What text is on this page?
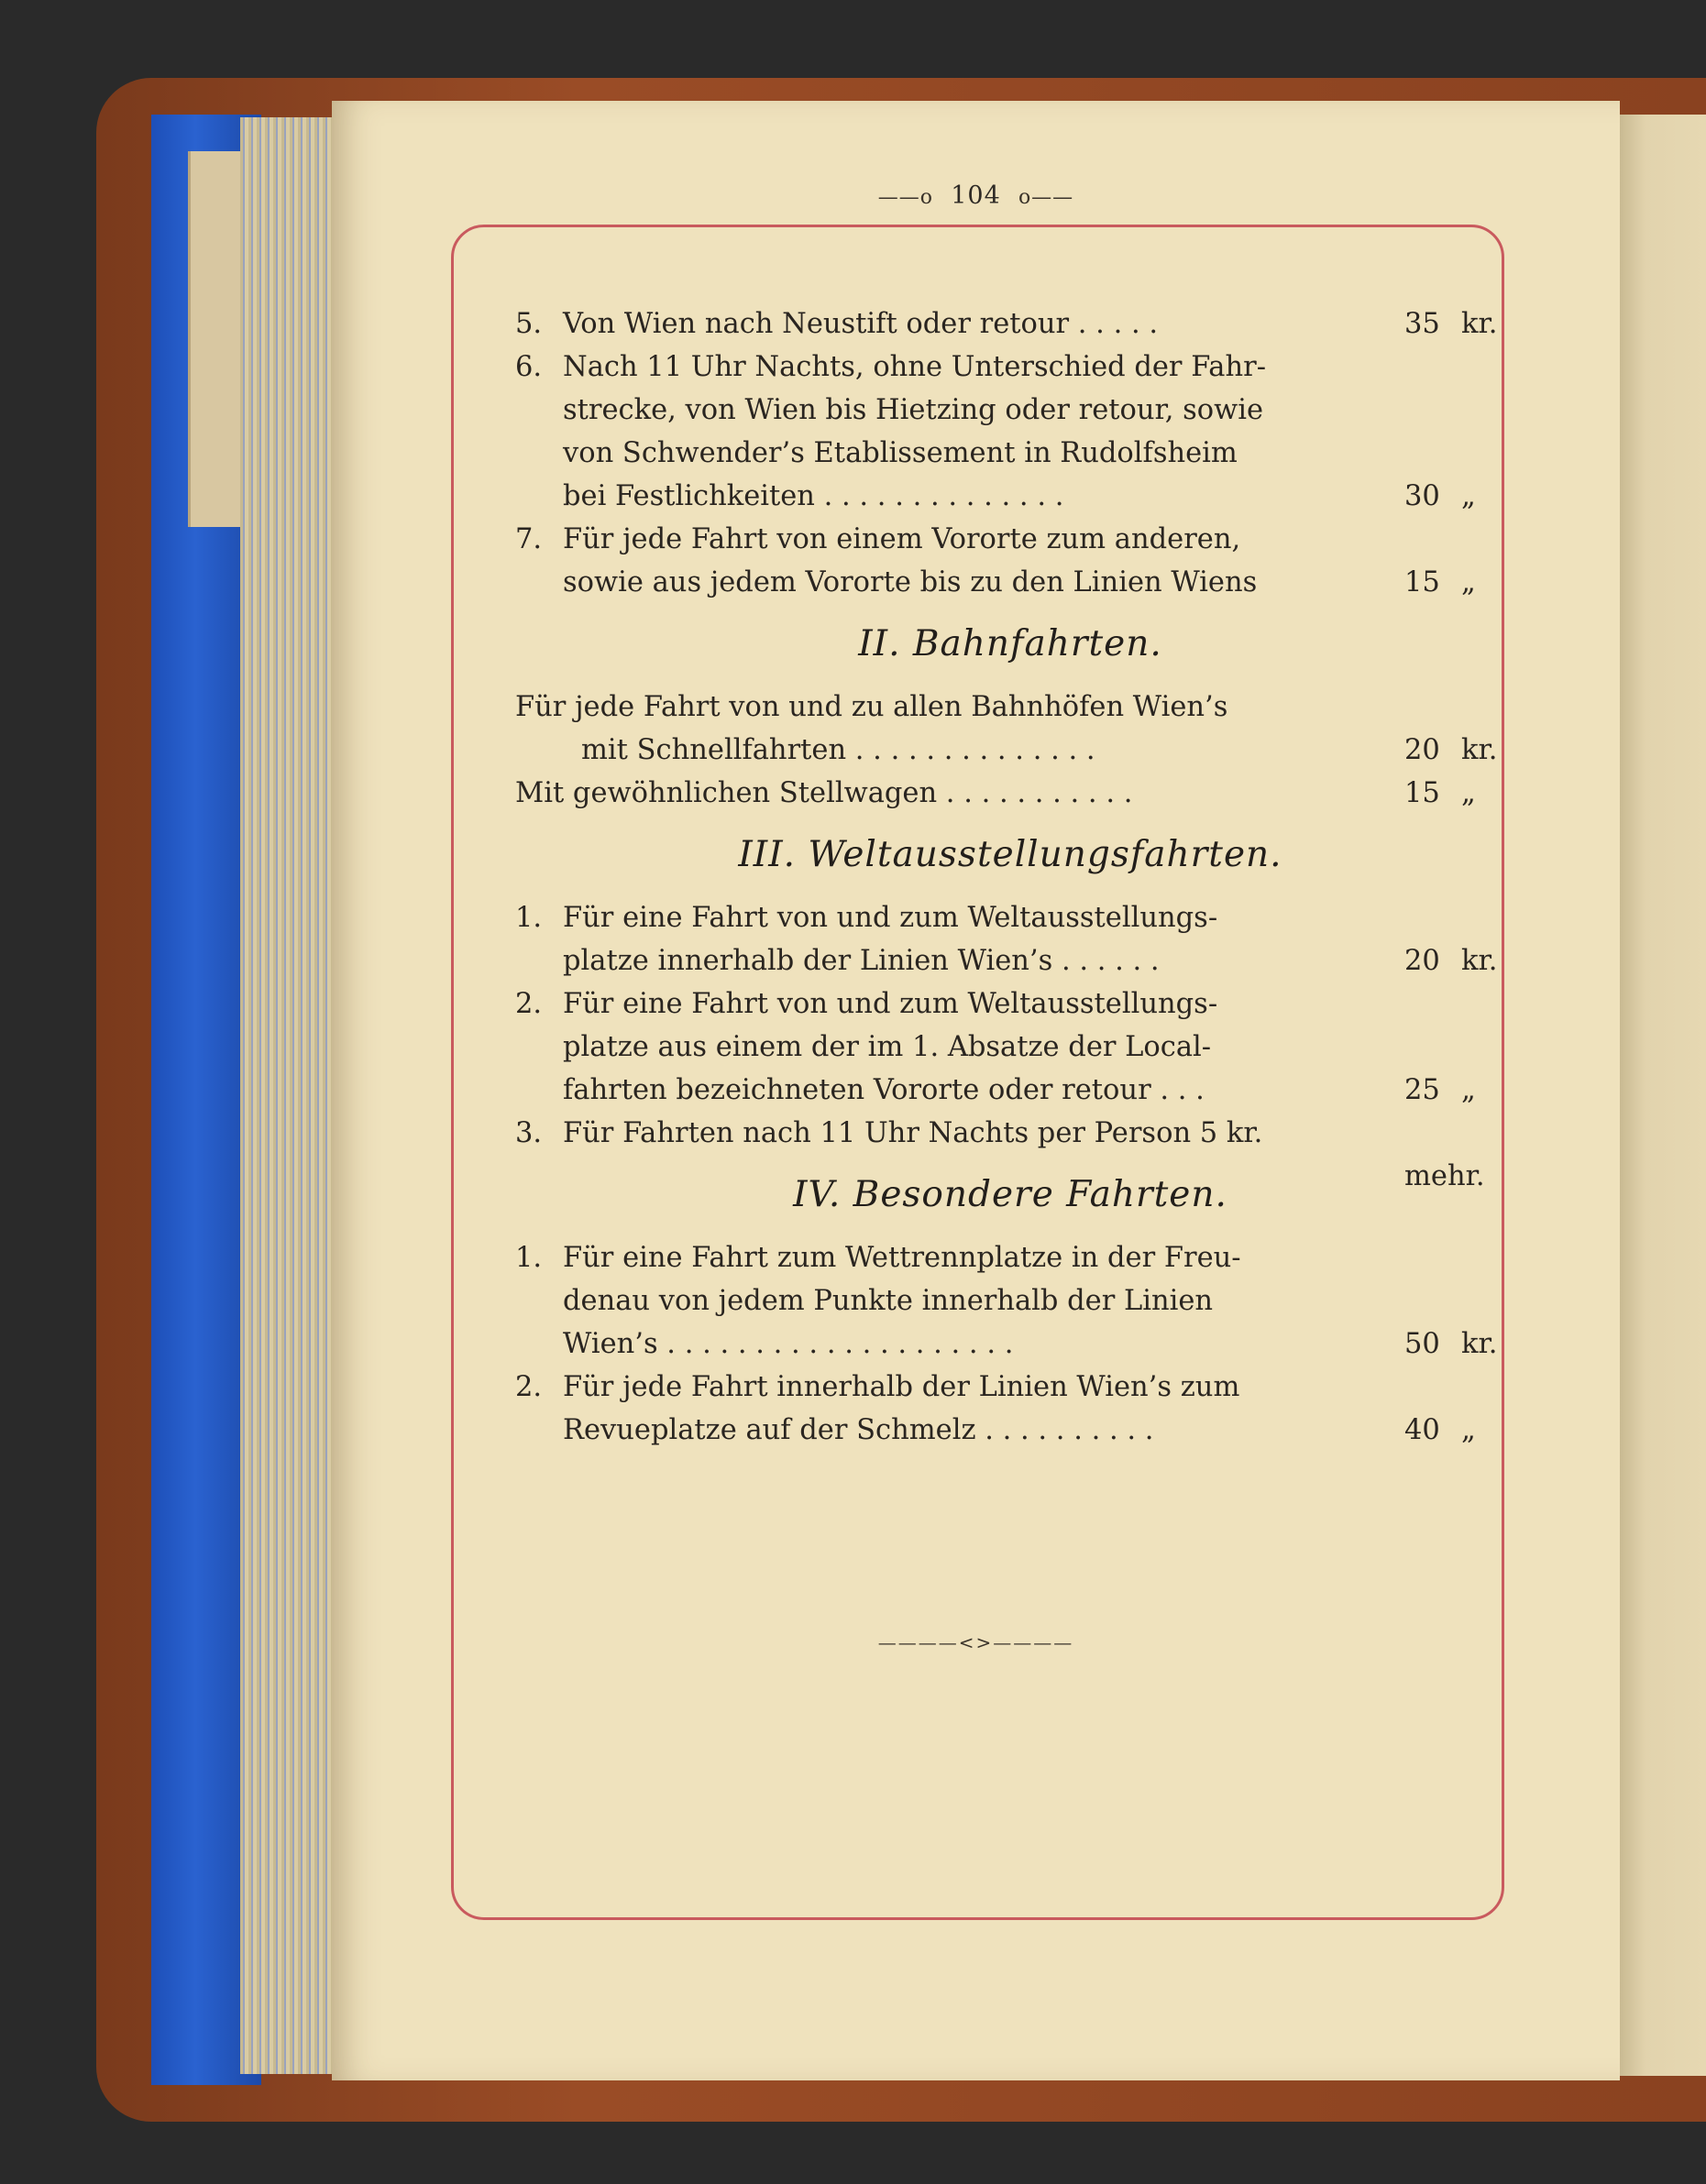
——o 104 o——
5. Von Wien nach Neustift oder retour . . . . .	35 kr.
6. Nach 11 Uhr Nachts, ohne Unterschied der Fahr-
strecke, von Wien bis Hietzing oder retour, sowie
von Schwender’s Etablissement in Rudolfsheim
bei Festlichkeiten . . . . . . . . . . . . . .	30 „
7. Für jede Fahrt von einem Vororte zum anderen,
sowie aus jedem Vororte bis zu den Linien Wiens	15 „
II. Bahnfahrten.
Für jede Fahrt von und zu allen Bahnhöfen Wien’s
mit Schnellfahrten . . . . . . . . . . . . . .	20 kr.
Mit gewöhnlichen Stellwagen . . . . . . . . . . .	15 „
III. Weltausstellungsfahrten.
1. Für eine Fahrt von und zum Weltausstellungs-
platze innerhalb der Linien Wien’s . . . . . .	20 kr.
2. Für eine Fahrt von und zum Weltausstellungs-
platze aus einem der im 1. Absatze der Local-
fahrten bezeichneten Vororte oder retour . . .	25 „
3. Für Fahrten nach 11 Uhr Nachts per Person 5 kr.
mehr.
IV. Besondere Fahrten.
1. Für eine Fahrt zum Wettrennplatze in der Freu-
denau von jedem Punkte innerhalb der Linien
Wien’s . . . . . . . . . . . . . . . . . . . .	50 kr.
2. Für jede Fahrt innerhalb der Linien Wien’s zum
Revueplatze auf der Schmelz . . . . . . . . . .	40 „
————<>————
